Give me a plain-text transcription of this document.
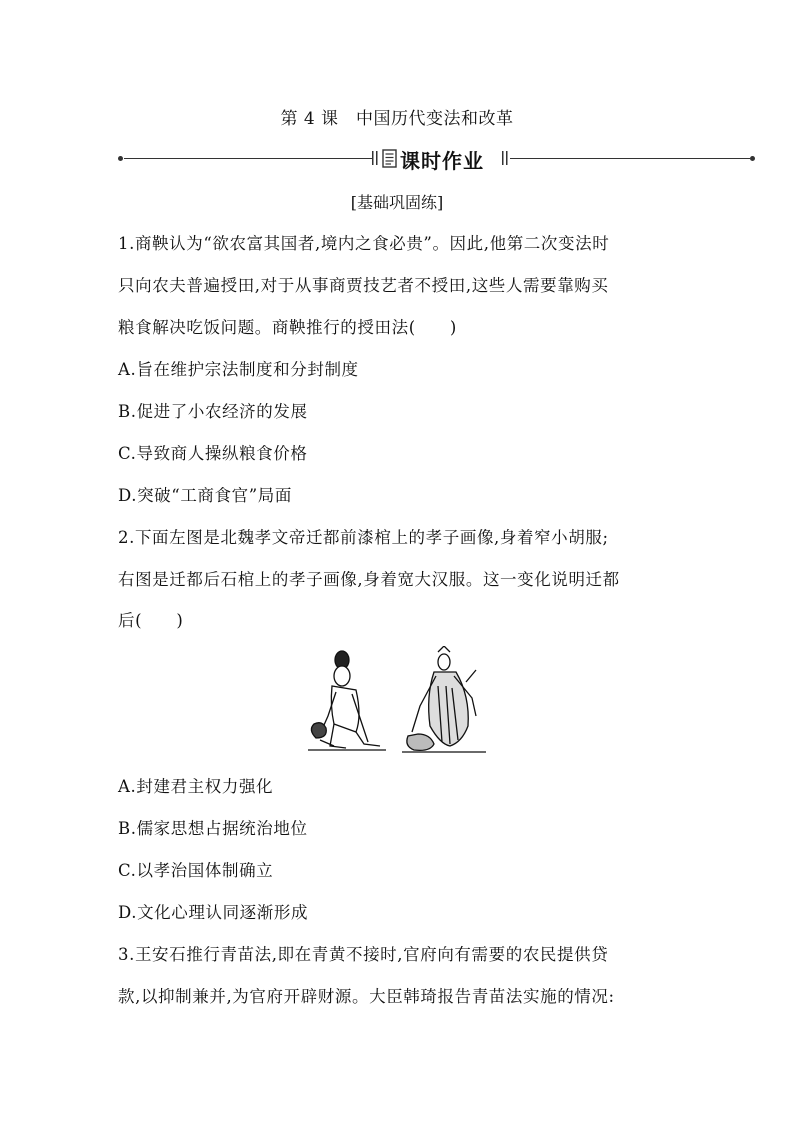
第 4 课　中国历代变法和改革
课时作业
[基础巩固练]
1.商鞅认为“欲农富其国者,境内之食必贵”。因此,他第二次变法时
只向农夫普遍授田,对于从事商贾技艺者不授田,这些人需要靠购买
粮食解决吃饭问题。商鞅推行的授田法(　　)
A.旨在维护宗法制度和分封制度
B.促进了小农经济的发展
C.导致商人操纵粮食价格
D.突破“工商食官”局面
2.下面左图是北魏孝文帝迁都前漆棺上的孝子画像,身着窄小胡服;
右图是迁都后石棺上的孝子画像,身着宽大汉服。这一变化说明迁都
后(　　)
A.封建君主权力强化
B.儒家思想占据统治地位
C.以孝治国体制确立
D.文化心理认同逐渐形成
3.王安石推行青苗法,即在青黄不接时,官府向有需要的农民提供贷
款,以抑制兼并,为官府开辟财源。大臣韩琦报告青苗法实施的情况:
